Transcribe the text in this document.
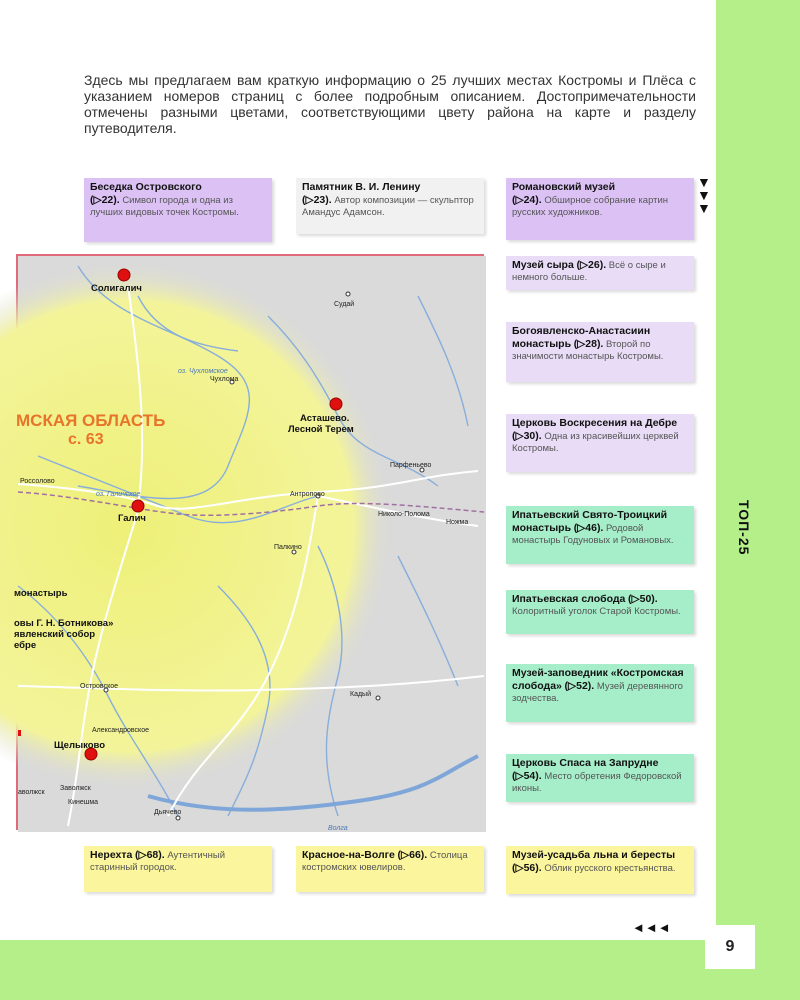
ТОП-25
9
▼
▼
▼
◄◄◄
Здесь мы предлагаем вам краткую информацию о 25 лучших местах Костромы и Плёса с указанием номеров страниц с более подробным описанием. Достопримечательности отмечены разными цветами, соответствующими цвету района на карте и разделу путеводителя.
Беседка Островского
(▷22). Символ города и одна из лучших видовых точек Костромы.
Памятник В. И. Ленину
(▷23). Автор композиции — скульптор Амандус Адамсон.
Романовский музей
(▷24). Обширное собрание картин русских художников.
Музей сыра (▷26). Всё о сыре и немного больше.
Богоявленско-Анастасиин монастырь (▷28). Второй по значимости монастырь Костромы.
Церковь Воскресения на Дебре (▷30). Одна из красивейших церквей Костромы.
Ипатьевский Свято-Троицкий монастырь (▷46). Родовой монастырь Годуновых и Романовых.
Ипатьевская слобода (▷50). Колоритный уголок Старой Костромы.
Музей-заповедник «Костромская слобода» (▷52). Музей деревянного зодчества.
Церковь Спаса на Запрудне (▷54). Место обретения Федоровской иконы.
Нерехта (▷68). Аутентичный старинный городок.
Красное-на-Волге (▷66). Столица костромских ювелиров.
Музей-усадьба льна и бересты (▷56). Облик русского крестьянства.
МСКАЯ ОБЛАСТЬ
с. 63
Солигалич
Галич
Асташево.
Лесной Терем
Щелыково
Судай
оз. Чухломское
Чухлома
Россолово
оз. Галичское
Парфеньево
Антропово
Николо-Полома
Ножма
Палкино
Островское
Кадый
Александровское
Заволжск
аволжск
Кинешма
Дьячево
Волга
монастырь
овы Г. Н. Ботникова»
явленский собор
ебре
